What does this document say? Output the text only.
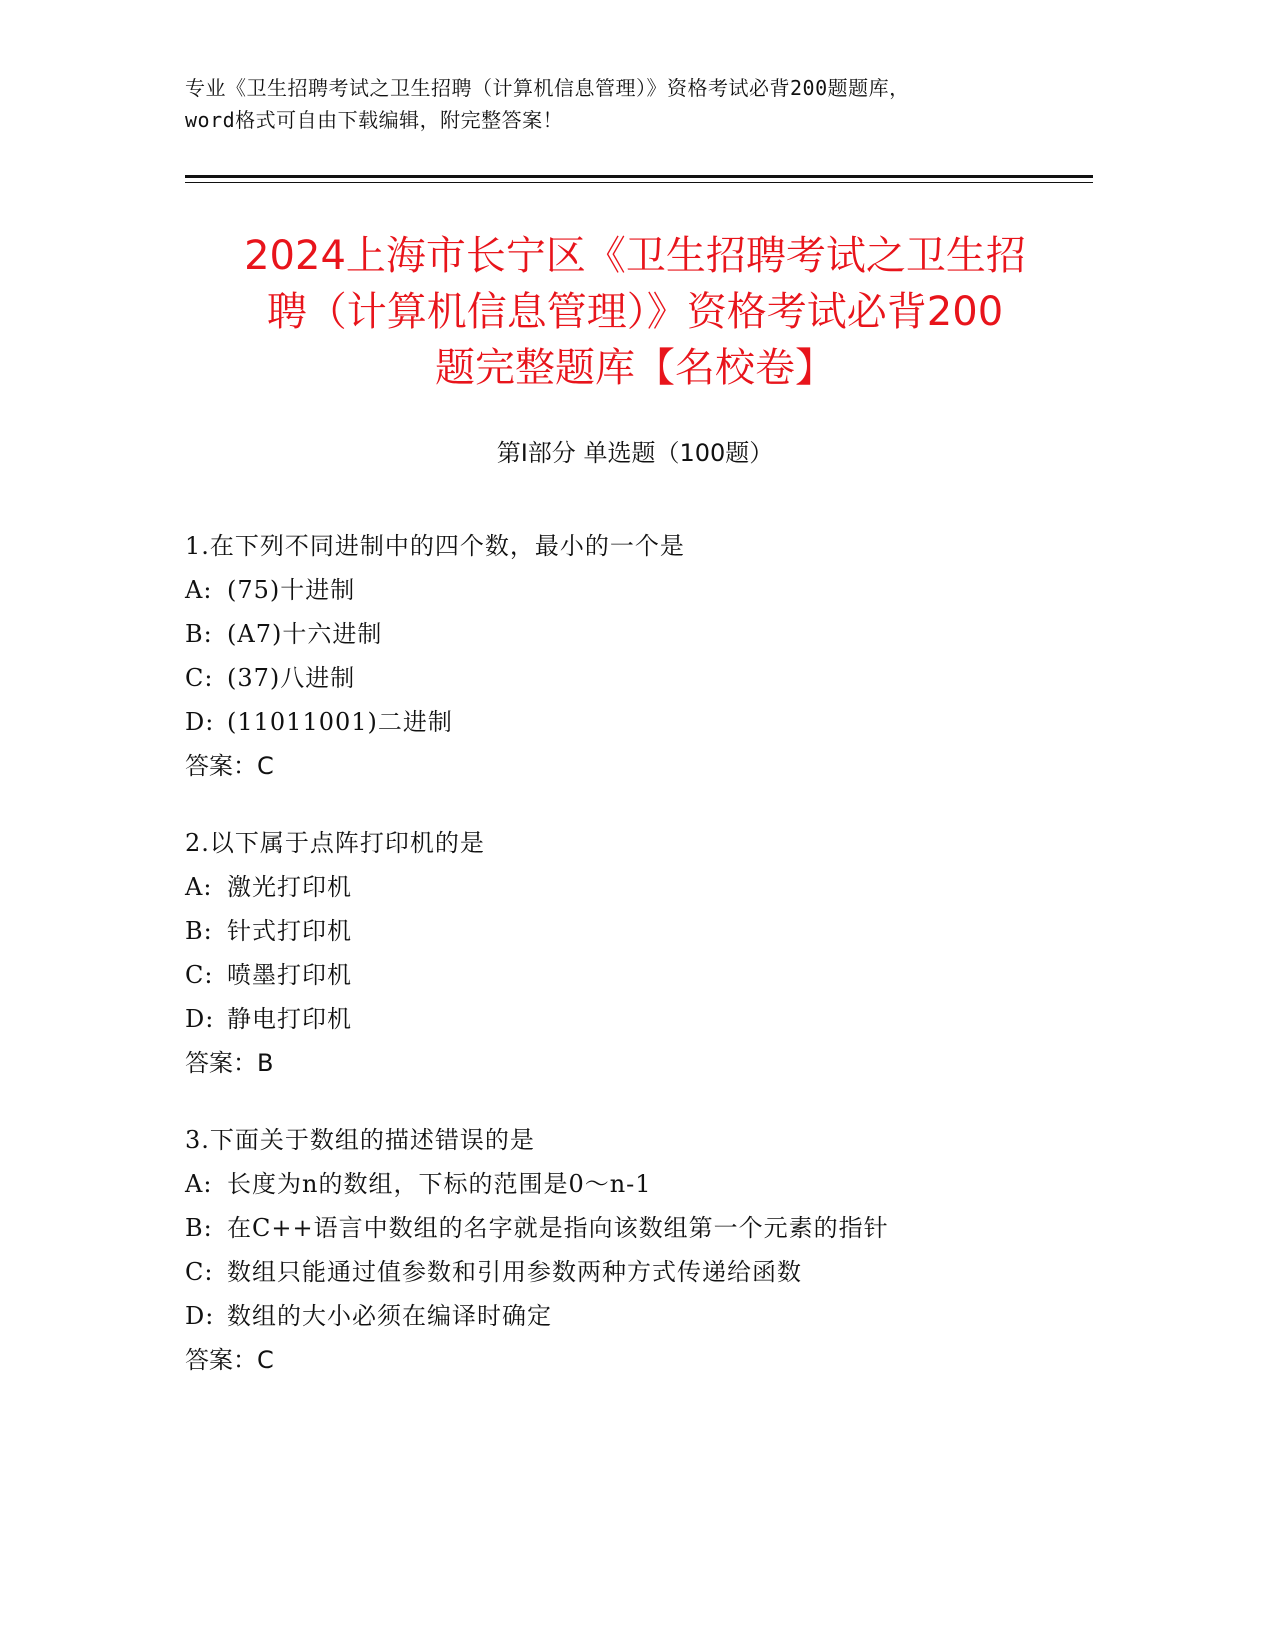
专业《卫生招聘考试之卫生招聘（计算机信息管理）》资格考试必背200题题库，
word格式可自由下载编辑，附完整答案！
2024上海市长宁区《卫生招聘考试之卫生招
聘（计算机信息管理）》资格考试必背200
题完整题库【名校卷】
第Ⅰ部分 单选题（100题）
1.在下列不同进制中的四个数，最小的一个是
A: (75)十进制
B: (A7)十六进制
C: (37)八进制
D: (11011001)二进制
答案：C
2.以下属于点阵打印机的是
A: 激光打印机
B: 针式打印机
C: 喷墨打印机
D: 静电打印机
答案：B
3.下面关于数组的描述错误的是
A: 长度为n的数组，下标的范围是0～n-1
B: 在C++语言中数组的名字就是指向该数组第一个元素的指针
C: 数组只能通过值参数和引用参数两种方式传递给函数
D: 数组的大小必须在编译时确定
答案：C
